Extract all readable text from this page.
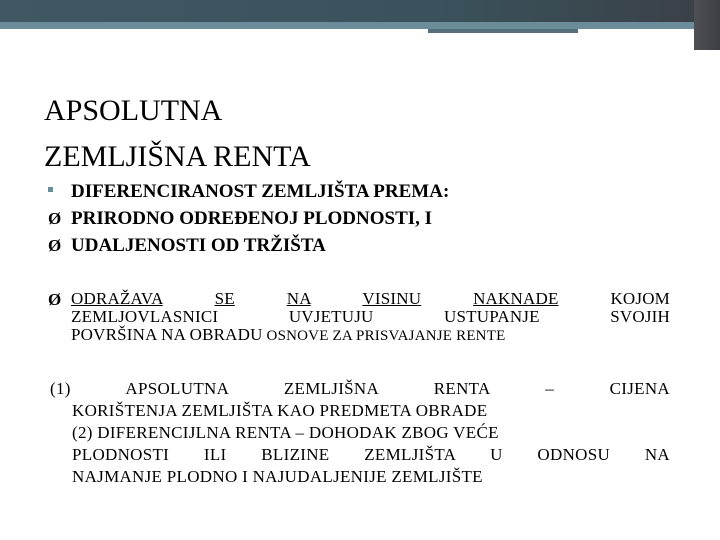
APSOLUTNA
ZEMLJIŠNA RENTA
DIFERENCIRANOST ZEMLJIŠTA PREMA:
Ø PRIRODNO ODREĐENOJ PLODNOSTI, I
Ø UDALJENOSTI OD TRŽIŠTA
Ø ODRAŽAVA	SE	NA	VISINU	NAKNADE	KOJOM
ZEMLJOVLASNICI UVJETUJU USTUPANJE SVOJIH
POVRŠINA NA OBRADU OSNOVE ZA PRISVAJANJE RENTE
(1) APSOLUTNA ZEMLJIŠNA RENTA – CIJENA
KORIŠTENJA ZEMLJIŠTA KAO PREDMETA OBRADE
(2) DIFERENCIJLNA RENTA – DOHODAK ZBOG VEĆE
PLODNOSTI ILI BLIZINE ZEMLJIŠTA U ODNOSU NA
NAJMANJE PLODNO I NAJUDALJENIJE ZEMLJIŠTE
